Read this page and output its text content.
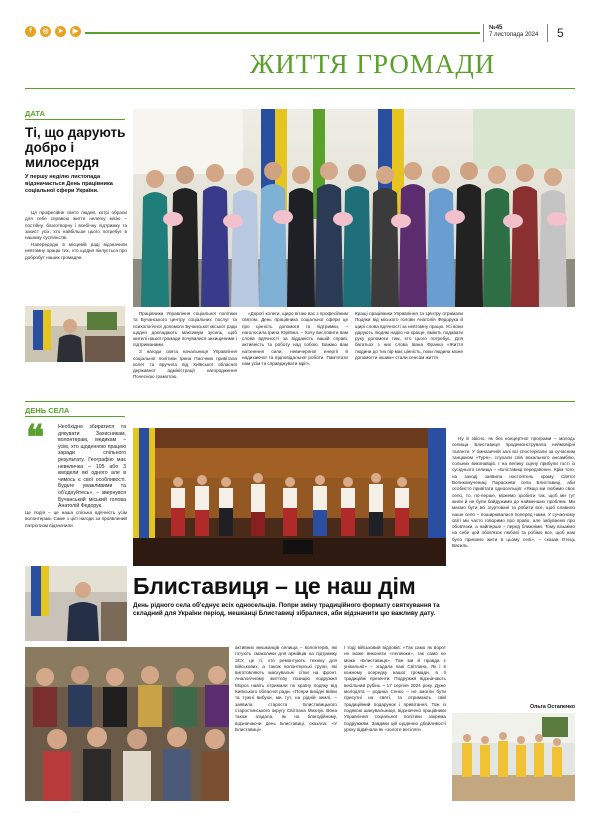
f	◎	➤	▶	№45
7 листопада 2024 5
ЖИТТЯ ГРОМАДИ
ДАТА
Ті, що дарують добро і милосердя
У першу неділю листопада відзначається День працівника соціальної сфери України.

Ця професійне свято людей, котрі обрали для себе справою життя нелегку місію – постійну, благотворну і всебічну підтримку та захист усіх, хто найбільше цього потребує в нашому суспільстві.

Напередодні в місцевій раді відзначили невтомну працю тих, хто щодня піклується про добробут наших громадян.

Працівники Управління соціальної політики та Бучанського центру соціальних послуг та психологічної допомоги Бучанської міської ради щодня докладають максимум зусиль, щоб жителі нашої громади почувалися захищеними і підтриманими.

З нагоди свята начальниця Управління соціальної політики Ірина Пасічник привітала колег та вручила від Київської обласної державної адміністрації нагородження Почесною грамотою.

«Дорогі колеги, щиро вітаю вас з професійним святом. День працівника соціальної сфери це про цінність допомоги та підтримки, – наголосила Ірина Юріївна. – Хочу висловити вам слова вдячності за відданість вашій справі, активність та роботу над собою. Бажаю вам натхнення сили, невичерпної енергії й надихаючої та відповідальної роботи. Пам'ятати нам усім та справджувати мрії».

Кращі працівники Управління та Центру отримали Подяки від міського голови Анатолія Федорука й щирі слова вдячності за невтомну працю. Усі вони дарують людям надію на краще, вміють подавати руку допомоги тим, хто цього потребує. Для багатьох з них слова Івана Франка «Життя людини до тих пір має цінність, поки людина може допомогти іншим» стали сенсом життя.

ДЕНЬ СЕЛА
❝	Необхідно збиратися та дякувати Захисникам, волонтерам, медикам – усім, хто щоденною працею заради спільного результату. Географію має невеличка – 105 або 3 кмодели які одного але в чимось є свої особливості. Будьте уважливими та об'єднуйтесь», – звернувся Бучанський міський голова Анатолій Федорук.

Це подія – це наша спільна вдячність усім волонтерам. Саме з цієї нагоди за проявлений патріотизм відзначили

Ну й звісно, як без концертної програми – молодь селища Блиставиця продемонструвала неймовірні таланти. У гімназичній залі всі спостерігали за сучасним танцюком «Турн», слухали спів вокального ансамблю, сольних виконавців. І на велику сцену прибули гості із сусіднього селища – «Бліставиці передзвони». Крім того, на заході заявила настоятель храму Святої Великомучениці Параскеви села Блиставиці, аби особисто привітати односельців: «Якщо ми любимо своє село, то, по-перше, можемо зробити так, щоб ми тут жили й не були байдужими до найменших проблем. Ми маємо бути всі згуртовані та робити все, щоб славило наше село – поширювалася поперед нами. У сучасному світі ми часто говоримо про право, але забуваємо про обов'язки, а найперше – перед ближніми. Тому візьмімо на себе цей обов'язок любові та робімо все, щоб нам було приємно жити в цьому селі», – сказав Отець Василь.

Ольга Остапенко
Блиставиця – це наш дім
День рідного села об'єднує всіх односельців. Попри зміну традиційного формату святкування та складний для України період, мешканці Блиставиці зібралися, аби відзначити цю важливу дату.

активних мешканців селища – волонтерів, які готують смаколики для армійців на підтримку ЗСУ, це ті, хто ремонтують техніку для військових, а також волонтерські групи, які виготовляють маскувальні сітки на фронт. Аналогічному життєву позицію подружжя Мороз навіть отримали по країну подяку від Київського обласної ради. «Попри вихідні війни та тужні вибухи, ми тут, на рідній землі, – заявила староста Блиставицького старостинського округу Світлана Михнук. Вона також згадала, як на благодійному, відзначаючи день Блиставиці, сказала: «У Блиставиці».

І тоді військовий відповів: «Так само як ворот не може виконати «лелеюки», так само не може «Блиставиця». Тож ми й правда є унікальні!» – згадала пані Світлана. Як і в кожному осередку нашої громади, в її традиційні презенти. Подружжя відзначають весільний рубінь – 17 серпня 2024 року. Дуже молодята – родина Сенко – не змогли бути присутні на святі, та отримають свій традиційний подарунок і привітання. Тож із подякою шанувальнице, відзначено працівники Управління соціальної політики зокрема подружжям. Завдяки цій щоденно дбайливості уроку відмічали як «золоте весілля».
